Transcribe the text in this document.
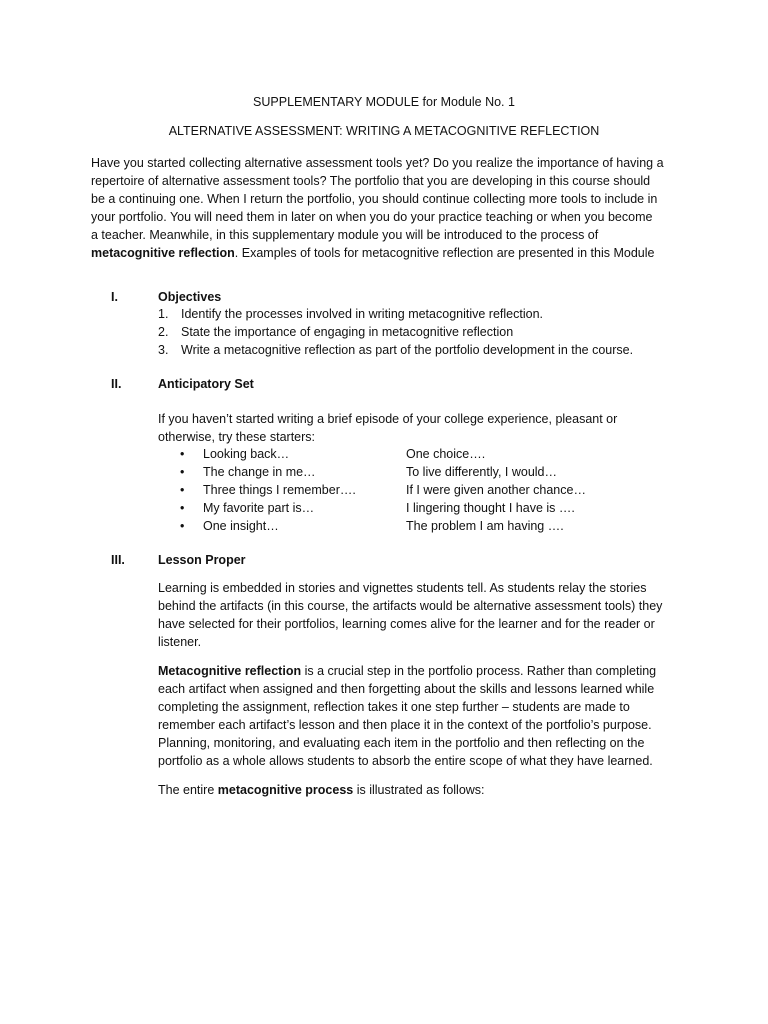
SUPPLEMENTARY MODULE for Module No. 1
ALTERNATIVE ASSESSMENT: WRITING A METACOGNITIVE REFLECTION
Have you started collecting alternative assessment tools yet? Do you realize the importance of having a
repertoire of alternative assessment tools? The portfolio that you are developing in this course should
be a continuing one. When I return the portfolio, you should continue collecting more tools to include in
your portfolio. You will need them in later on when you do your practice teaching or when you become
a teacher. Meanwhile, in this supplementary module you will be introduced to the process of
metacognitive reflection. Examples of tools for metacognitive reflection are presented in this Module
I.	Objectives
1. Identify the processes involved in writing metacognitive reflection.
2. State the importance of engaging in metacognitive reflection
3. Write a metacognitive reflection as part of the portfolio development in the course.
II.	Anticipatory Set
If you haven’t started writing a brief episode of your college experience, pleasant or
otherwise, try these starters:
• Looking back…	One choice….
• The change in me…	To live differently, I would…
• Three things I remember….	If I were given another chance…
• My favorite part is…	I lingering thought I have is ….
• One insight…	The problem I am having ….
III.	Lesson Proper
Learning is embedded in stories and vignettes students tell. As students relay the stories
behind the artifacts (in this course, the artifacts would be alternative assessment tools) they
have selected for their portfolios, learning comes alive for the learner and for the reader or
listener.
Metacognitive reflection is a crucial step in the portfolio process. Rather than completing
each artifact when assigned and then forgetting about the skills and lessons learned while
completing the assignment, reflection takes it one step further – students are made to
remember each artifact’s lesson and then place it in the context of the portfolio’s purpose.
Planning, monitoring, and evaluating each item in the portfolio and then reflecting on the
portfolio as a whole allows students to absorb the entire scope of what they have learned.
The entire metacognitive process is illustrated as follows:
